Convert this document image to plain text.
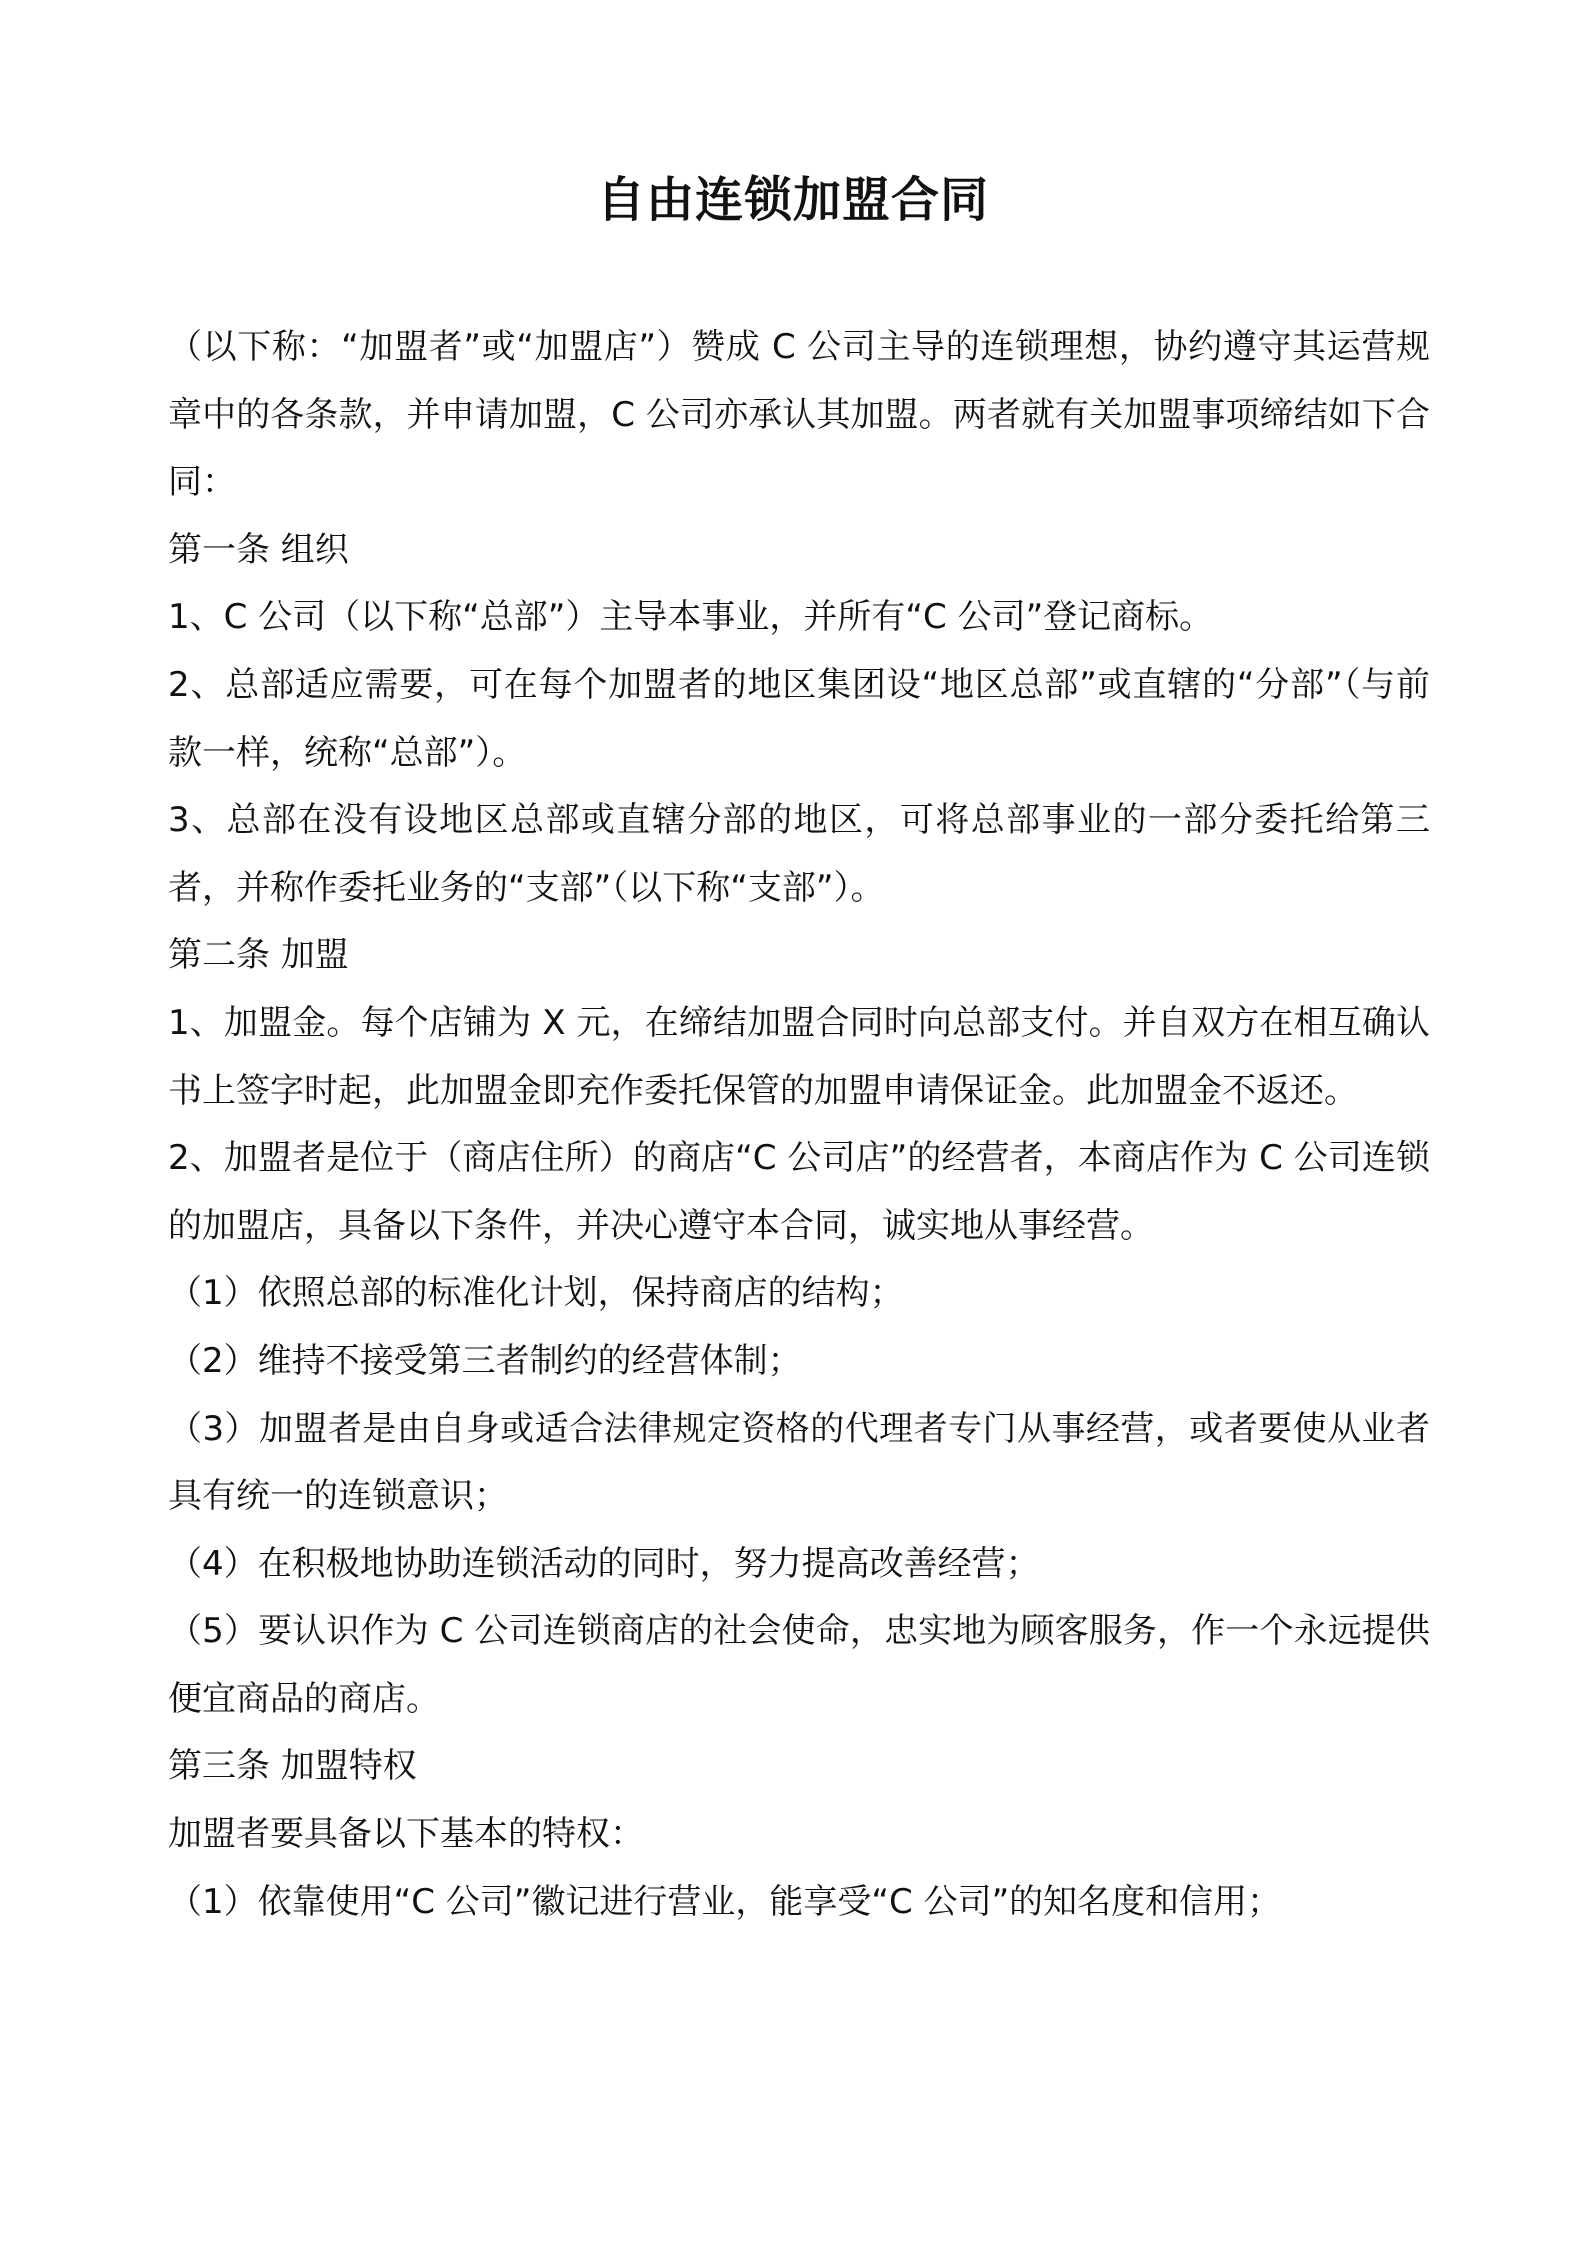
自由连锁加盟合同

（以下称：“加盟者”或“加盟店”）赞成 C 公司主导的连锁理想，协约遵守其运营规章中的各条款，并申请加盟，C 公司亦承认其加盟。两者就有关加盟事项缔结如下合同：

第一条 组织

1、C 公司（以下称“总部”）主导本事业，并所有“C 公司”登记商标。

2、总部适应需要，可在每个加盟者的地区集团设“地区总部”或直辖的“分部”（与前款一样，统称“总部”）。

3、总部在没有设地区总部或直辖分部的地区，可将总部事业的一部分委托给第三者，并称作委托业务的“支部”（以下称“支部”）。

第二条 加盟

1、加盟金。每个店铺为 X 元，在缔结加盟合同时向总部支付。并自双方在相互确认书上签字时起，此加盟金即充作委托保管的加盟申请保证金。此加盟金不返还。

2、加盟者是位于（商店住所）的商店“C 公司店”的经营者，本商店作为 C 公司连锁的加盟店，具备以下条件，并决心遵守本合同，诚实地从事经营。

（1）依照总部的标准化计划，保持商店的结构；

（2）维持不接受第三者制约的经营体制；

（3）加盟者是由自身或适合法律规定资格的代理者专门从事经营，或者要使从业者具有统一的连锁意识；

（4）在积极地协助连锁活动的同时，努力提高改善经营；

（5）要认识作为 C 公司连锁商店的社会使命，忠实地为顾客服务，作一个永远提供便宜商品的商店。

第三条 加盟特权

加盟者要具备以下基本的特权：

（1）依靠使用“C 公司”徽记进行营业，能享受“C 公司”的知名度和信用；
